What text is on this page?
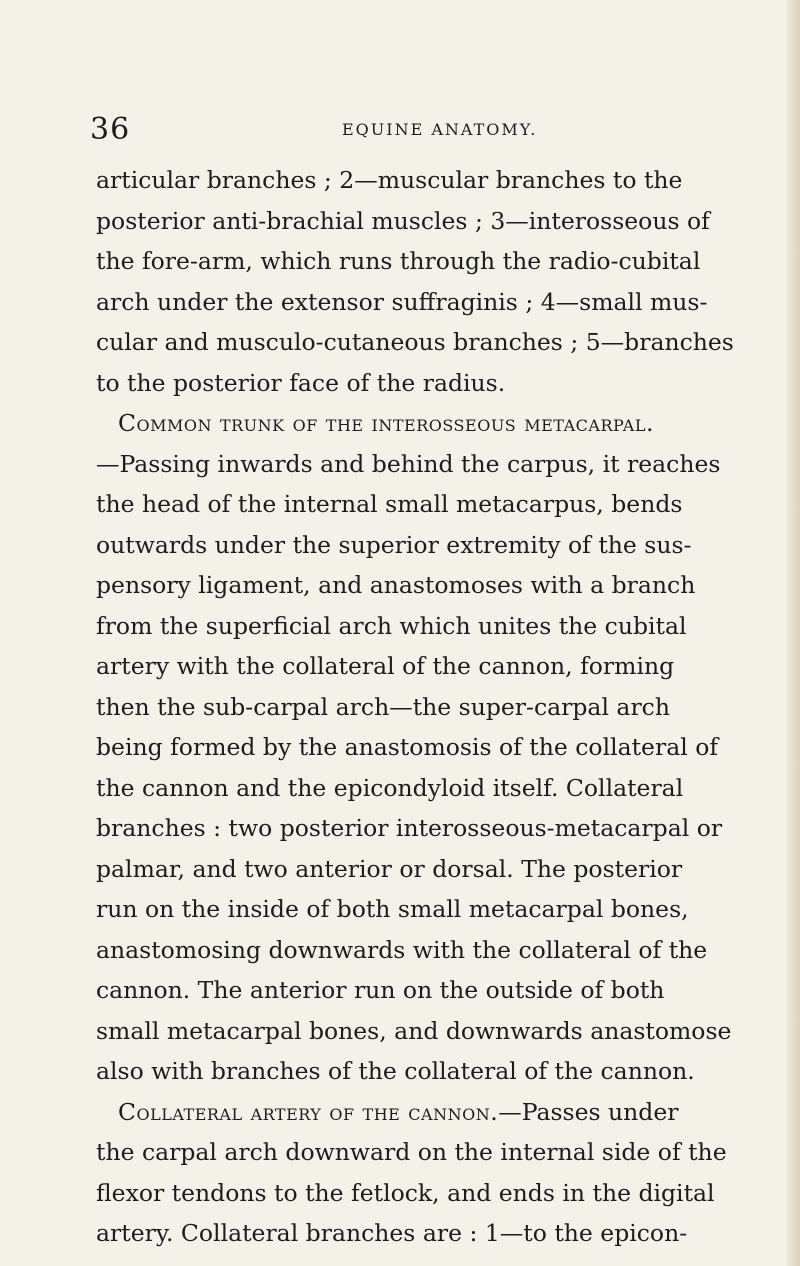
36	EQUINE ANATOMY.
articular branches ; 2—muscular branches to the
posterior anti-brachial muscles ; 3—interosseous of
the fore-arm, which runs through the radio-cubital
arch under the extensor suffraginis ; 4—small mus-
cular and musculo-cutaneous branches ; 5—branches
to the posterior face of the radius.
Common trunk of the interosseous metacarpal.
—Passing inwards and behind the carpus, it reaches
the head of the internal small metacarpus, bends
outwards under the superior extremity of the sus-
pensory ligament, and anastomoses with a branch
from the superficial arch which unites the cubital
artery with the collateral of the cannon, forming
then the sub-carpal arch—the super-carpal arch
being formed by the anastomosis of the collateral of
the cannon and the epicondyloid itself. Collateral
branches : two posterior interosseous-metacarpal or
palmar, and two anterior or dorsal. The posterior
run on the inside of both small metacarpal bones,
anastomosing downwards with the collateral of the
cannon. The anterior run on the outside of both
small metacarpal bones, and downwards anastomose
also with branches of the collateral of the cannon.
Collateral artery of the cannon.—Passes under
the carpal arch downward on the internal side of the
flexor tendons to the fetlock, and ends in the digital
artery. Collateral branches are : 1—to the epicon-
